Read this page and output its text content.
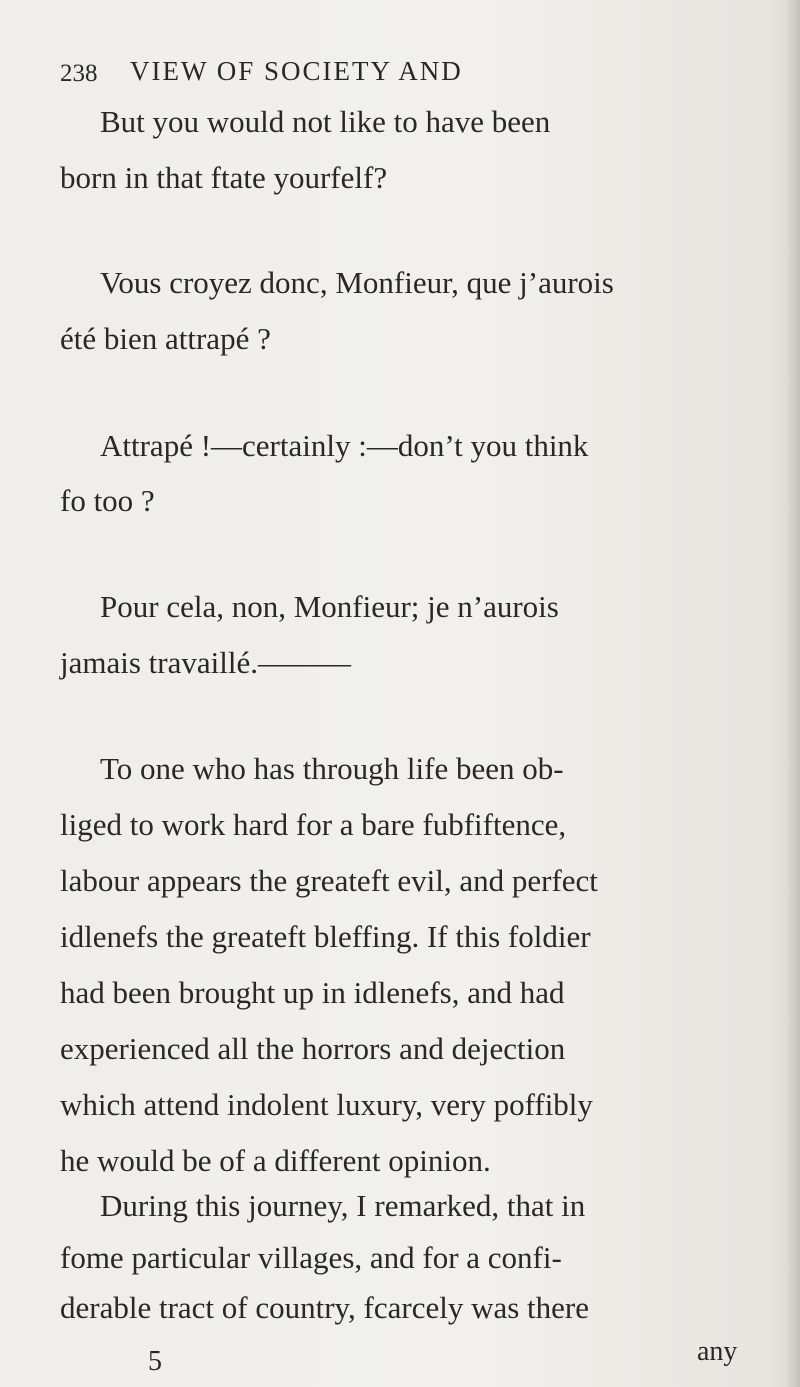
238 VIEW OF SOCIETY AND
But you would not like to have been
born in that ftate yourfelf?
Vous croyez donc, Monfieur, que j’aurois
été bien attrapé ?
Attrapé !—certainly :—don’t you think
fo too ?
Pour cela, non, Monfieur; je n’aurois
jamais travaillé.———
To one who has through life been ob-
liged to work hard for a bare fubfiftence,
labour appears the greateft evil, and perfect
idlenefs the greateft bleffing. If this foldier
had been brought up in idlenefs, and had
experienced all the horrors and dejection
which attend indolent luxury, very poffibly
he would be of a different opinion.
During this journey, I remarked, that in
fome particular villages, and for a confi-
derable tract of country, fcarcely was there
5	any
